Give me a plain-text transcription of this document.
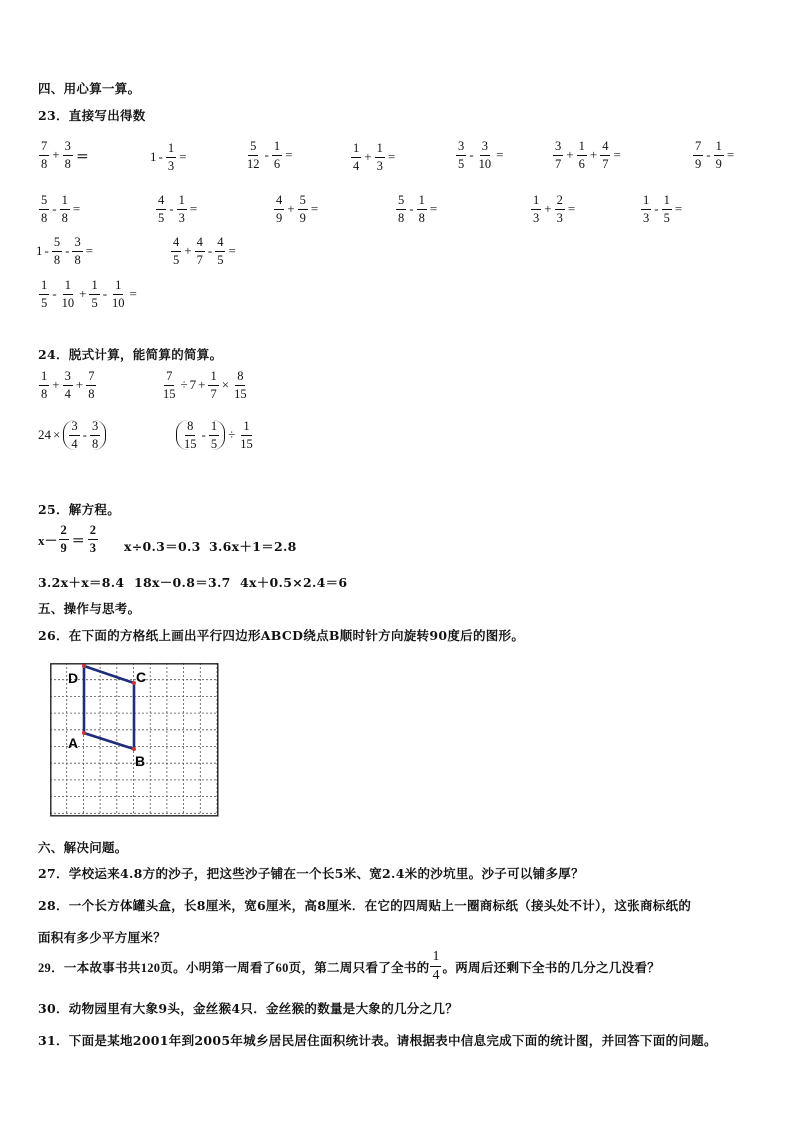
四、用心算一算。
23．直接写出得数
$\frac{7}{8} + \frac{3}{8}$ ＝	$1 - \frac{1}{3}$ =	$\frac{5}{12} - \frac{1}{6}$ =	$\frac{1}{4} + \frac{1}{3}$ =	$\frac{3}{5} - \frac{3}{10}$ =	$\frac{3}{7} + \frac{1}{6} + \frac{4}{7}$ =	$\frac{7}{9} - \frac{1}{9}$ =
$\frac{5}{8} - \frac{1}{8}$ =	$\frac{4}{5} - \frac{1}{3}$ =	$\frac{4}{9} + \frac{5}{9}$ =	$\frac{5}{8} - \frac{1}{8}$ =	$\frac{1}{3} + \frac{2}{3}$ =	$\frac{1}{3} - \frac{1}{5}$ =
$1 - \frac{5}{8} - \frac{3}{8}$ =	$\frac{4}{5} + \frac{4}{7} - \frac{4}{5}$ =
$\frac{1}{5} - \frac{1}{10} + \frac{1}{5} - \frac{1}{10}$ =
24．脱式计算，能简算的简算。
$\frac{1}{8} + \frac{3}{4} + \frac{7}{8}$	$\frac{7}{15} \div 7 + \frac{1}{7} \times \frac{8}{15}$
$24 \times \frac{3}{4} - \frac{3}{8}$	$\frac{8}{15} - \frac{1}{5} \div \frac{1}{15}$
25．解方程。
$x- \frac{2}{9} = \frac{2}{3} x\div 0.3=0.3$ 3.6x＋1＝2.8
3.2x＋x＝8.4 18x－0.8＝3.7 4x＋0.5×2.4＝6
五、操作与思考。
26．在下面的方格纸上画出平行四边形ABCD绕点B顺时针方向旋转90度后的图形。
D	C
A
B
六、解决问题。
27．学校运来4.8方的沙子，把这些沙子铺在一个长5米、宽2.4米的沙坑里。沙子可以铺多厚？
28．一个长方体罐头盒，长8厘米，宽6厘米，高8厘米．在它的四周贴上一圈商标纸（接头处不计），这张商标纸的
面积有多少平方厘米？
29．一本故事书共120页。小明第一周看了60页，第二周只看了全书的 $\frac{1}{4}$ 。两周后还剩下全书的几分之几没看？
30．动物园里有大象9头，金丝猴4只．金丝猴的数量是大象的几分之几？
31．下面是某地2001年到2005年城乡居民居住面积统计表。请根据表中信息完成下面的统计图，并回答下面的问题。
